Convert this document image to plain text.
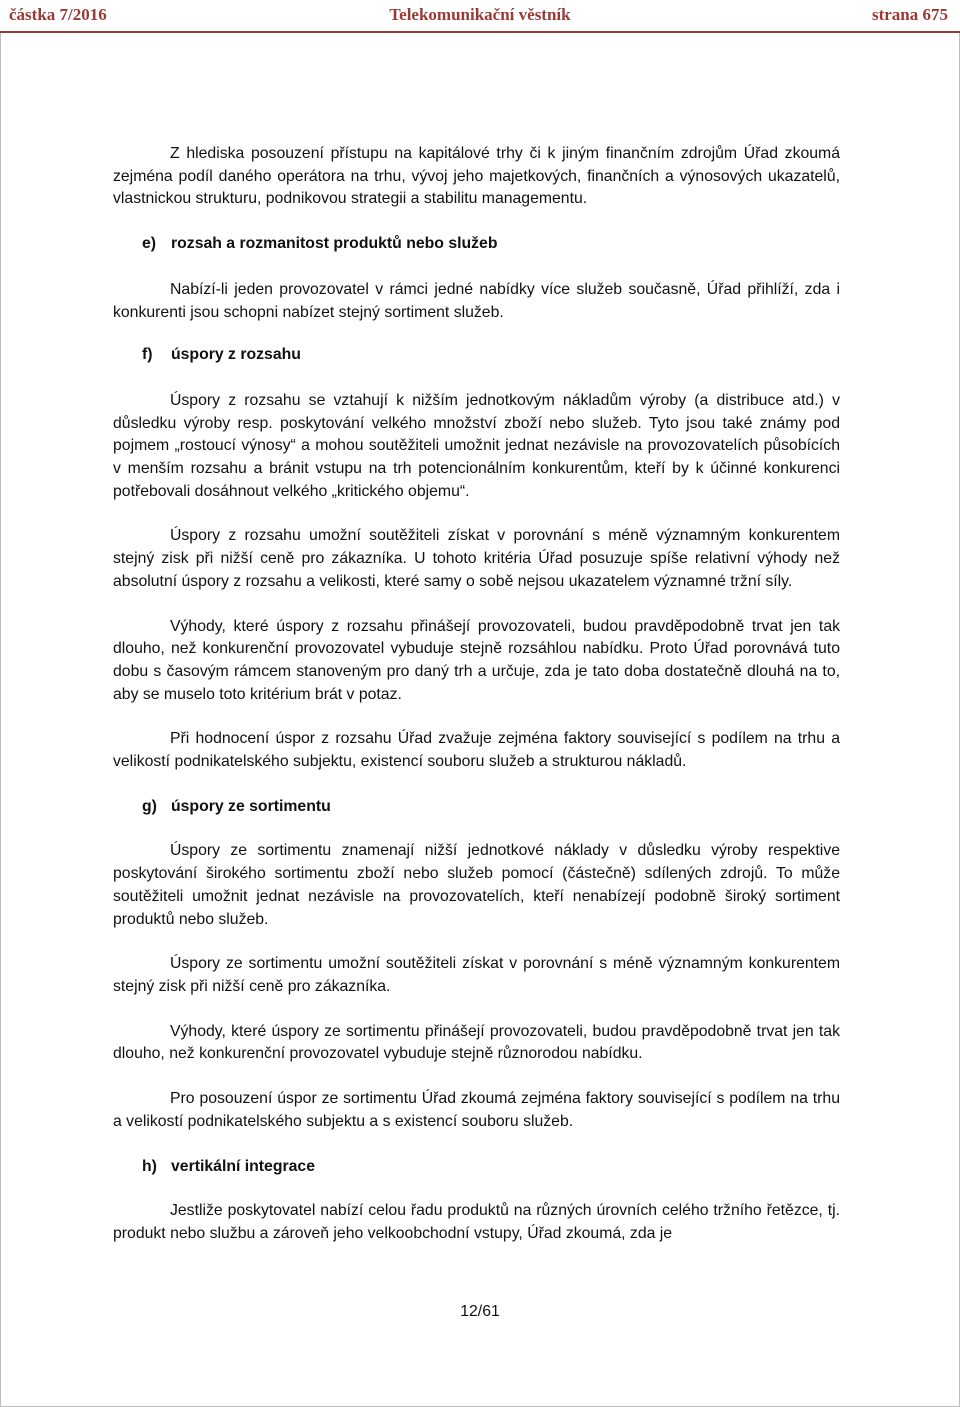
částka 7/2016	Telekomunikační věstník	strana 675

Z hlediska posouzení přístupu na kapitálové trhy či k jiným finančním zdrojům Úřad zkoumá zejména podíl daného operátora na trhu, vývoj jeho majetkových, finančních a výnosových ukazatelů, vlastnickou strukturu, podnikovou strategii a stabilitu managementu.

e) rozsah a rozmanitost produktů nebo služeb

Nabízí-li jeden provozovatel v rámci jedné nabídky více služeb současně, Úřad přihlíží, zda i konkurenti jsou schopni nabízet stejný sortiment služeb.

f) úspory z rozsahu

Úspory z rozsahu se vztahují k nižším jednotkovým nákladům výroby (a distribuce atd.) v důsledku výroby resp. poskytování velkého množství zboží nebo služeb. Tyto jsou také známy pod pojmem „rostoucí výnosy“ a mohou soutěžiteli umožnit jednat nezávisle na provozovatelích působících v menším rozsahu a bránit vstupu na trh potencionálním konkurentům, kteří by k účinné konkurenci potřebovali dosáhnout velkého „kritického objemu“.

Úspory z rozsahu umožní soutěžiteli získat v porovnání s méně významným konkurentem stejný zisk při nižší ceně pro zákazníka. U tohoto kritéria Úřad posuzuje spíše relativní výhody než absolutní úspory z rozsahu a velikosti, které samy o sobě nejsou ukazatelem významné tržní síly.

Výhody, které úspory z rozsahu přinášejí provozovateli, budou pravděpodobně trvat jen tak dlouho, než konkurenční provozovatel vybuduje stejně rozsáhlou nabídku. Proto Úřad porovnává tuto dobu s časovým rámcem stanoveným pro daný trh a určuje, zda je tato doba dostatečně dlouhá na to, aby se muselo toto kritérium brát v potaz.

Při hodnocení úspor z rozsahu Úřad zvažuje zejména faktory související s podílem na trhu a velikostí podnikatelského subjektu, existencí souboru služeb a strukturou nákladů.

g) úspory ze sortimentu

Úspory ze sortimentu znamenají nižší jednotkové náklady v důsledku výroby respektive poskytování širokého sortimentu zboží nebo služeb pomocí (částečně) sdílených zdrojů. To může soutěžiteli umožnit jednat nezávisle na provozovatelích, kteří nenabízejí podobně široký sortiment produktů nebo služeb.

Úspory ze sortimentu umožní soutěžiteli získat v porovnání s méně významným konkurentem stejný zisk při nižší ceně pro zákazníka.

Výhody, které úspory ze sortimentu přinášejí provozovateli, budou pravděpodobně trvat jen tak dlouho, než konkurenční provozovatel vybuduje stejně různorodou nabídku.

Pro posouzení úspor ze sortimentu Úřad zkoumá zejména faktory související s podílem na trhu a velikostí podnikatelského subjektu a s existencí souboru služeb.

h) vertikální integrace

Jestliže poskytovatel nabízí celou řadu produktů na různých úrovních celého tržního řetězce, tj. produkt nebo službu a zároveň jeho velkoobchodní vstupy, Úřad zkoumá, zda je

12/61
